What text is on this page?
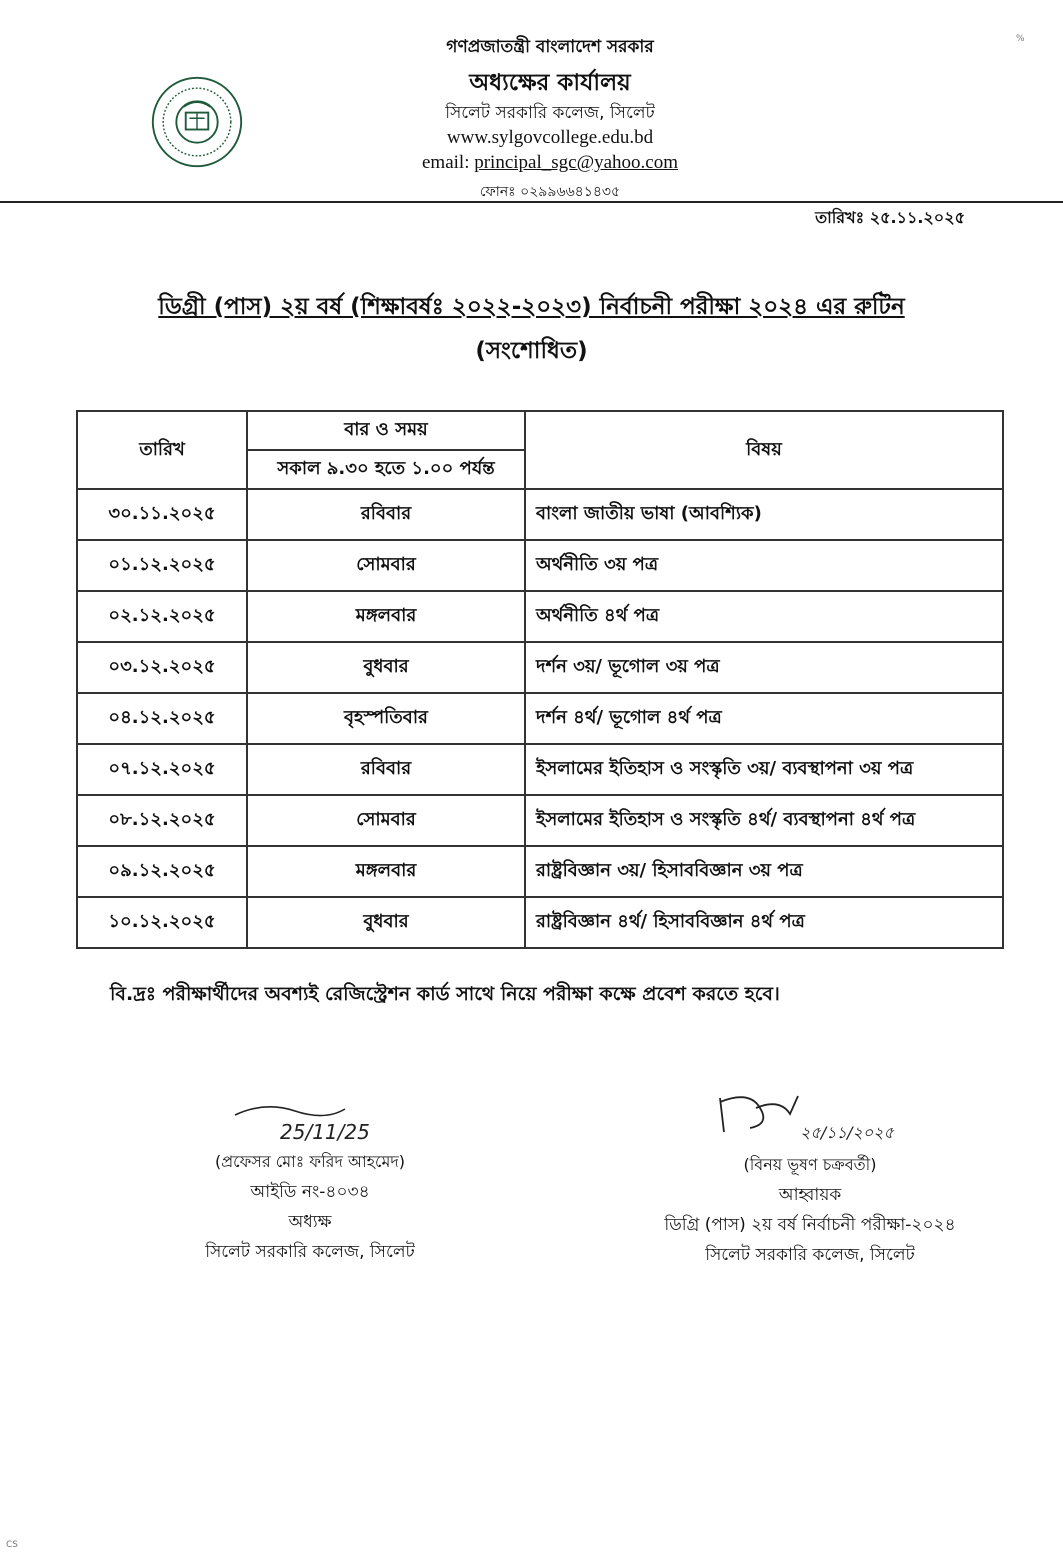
গণপ্রজাতন্ত্রী বাংলাদেশ সরকার
অধ্যক্ষের কার্যালয়
সিলেট সরকারি কলেজ, সিলেট
www.sylgovcollege.edu.bd
email: principal_sgc@yahoo.com
ফোনঃ ০২৯৯৬৬৪১৪৩৫
%
তারিখঃ ২৫.১১.২০২৫
ডিগ্রী (পাস) ২য় বর্ষ (শিক্ষাবর্ষঃ ২০২২-২০২৩) নির্বাচনী পরীক্ষা ২০২৪ এর রুটিন
(সংশোধিত)
তারিখ	বার ও সময়	বিষয়
	সকাল ৯.৩০ হতে ১.০০ পর্যন্ত	
৩০.১১.২০২৫	রবিবার	বাংলা জাতীয় ভাষা (আবশ্যিক)
০১.১২.২০২৫	সোমবার	অর্থনীতি ৩য় পত্র
০২.১২.২০২৫	মঙ্গলবার	অর্থনীতি ৪র্থ পত্র
০৩.১২.২০২৫	বুধবার	দর্শন ৩য়/ ভূগোল ৩য় পত্র
০৪.১২.২০২৫	বৃহস্পতিবার	দর্শন ৪র্থ/ ভূগোল ৪র্থ পত্র
০৭.১২.২০২৫	রবিবার	ইসলামের ইতিহাস ও সংস্কৃতি ৩য়/ ব্যবস্থাপনা ৩য় পত্র
০৮.১২.২০২৫	সোমবার	ইসলামের ইতিহাস ও সংস্কৃতি ৪র্থ/ ব্যবস্থাপনা ৪র্থ পত্র
০৯.১২.২০২৫	মঙ্গলবার	রাষ্ট্রবিজ্ঞান ৩য়/ হিসাববিজ্ঞান ৩য় পত্র
১০.১২.২০২৫	বুধবার	রাষ্ট্রবিজ্ঞান ৪র্থ/ হিসাববিজ্ঞান ৪র্থ পত্র
বি.দ্রঃ পরীক্ষার্থীদের অবশ্যই রেজিস্ট্রেশন কার্ড সাথে নিয়ে পরীক্ষা কক্ষে প্রবেশ করতে হবে।
25/11/25
(প্রফেসর মোঃ ফরিদ আহমেদ)
আইডি নং-৪০৩৪
অধ্যক্ষ
সিলেট সরকারি কলেজ, সিলেট
২৫/১১/২০২৫
(বিনয় ভূষণ চক্রবর্তী)
আহ্বায়ক
ডিগ্রি (পাস) ২য় বর্ষ নির্বাচনী পরীক্ষা-২০২৪
সিলেট সরকারি কলেজ, সিলেট
CS
